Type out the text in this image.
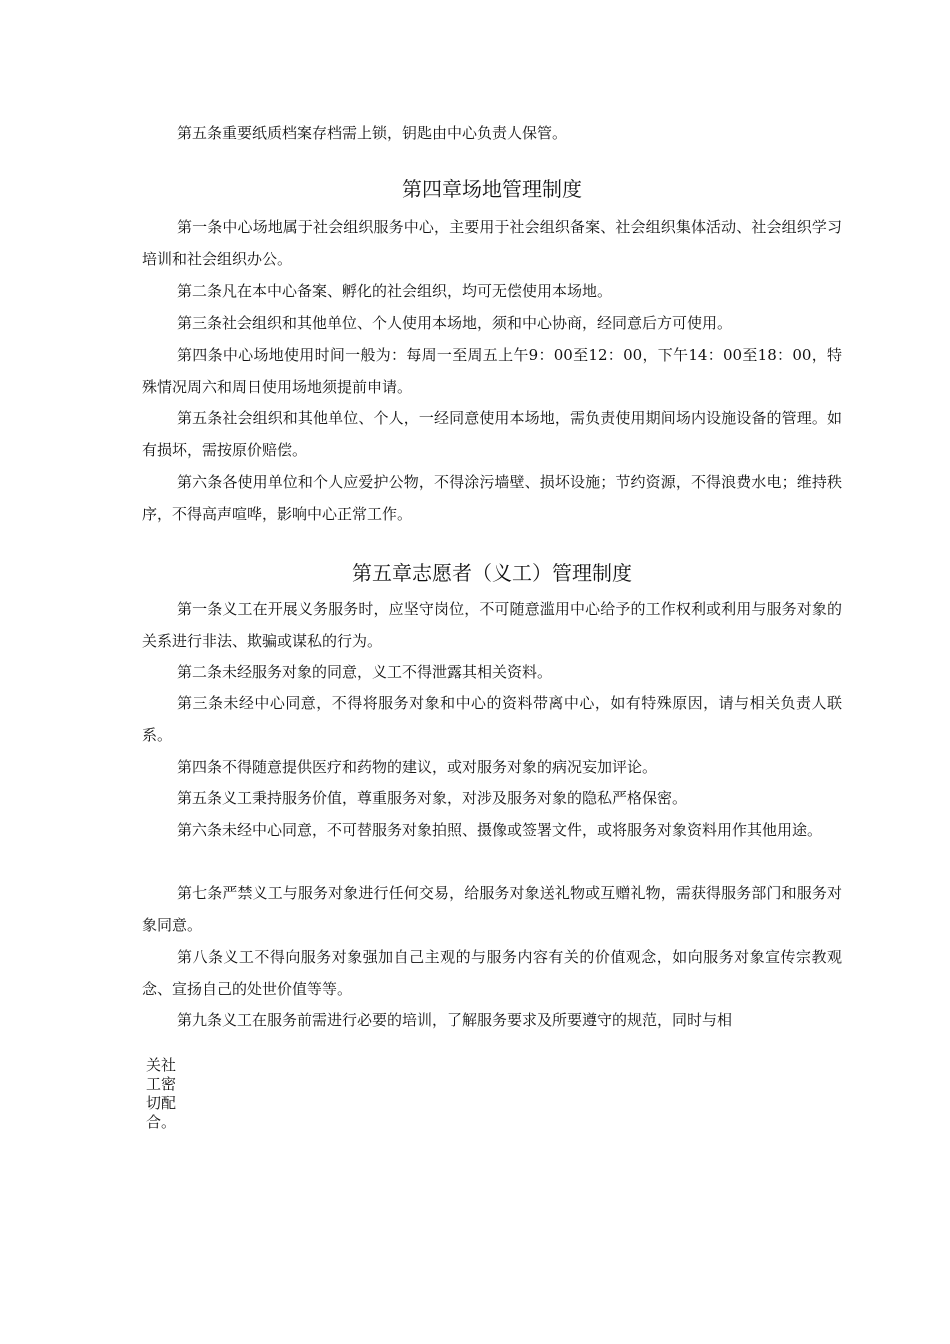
第五条重要纸质档案存档需上锁，钥匙由中心负责人保管。

第四章场地管理制度

第一条中心场地属于社会组织服务中心，主要用于社会组织备案、社会组织集体活动、社会组织学习培训和社会组织办公。

第二条凡在本中心备案、孵化的社会组织，均可无偿使用本场地。

第三条社会组织和其他单位、个人使用本场地，须和中心协商，经同意后方可使用。

第四条中心场地使用时间一般为：每周一至周五上午9：00至12：00，下午14：00至18：00，特殊情况周六和周日使用场地须提前申请。

第五条社会组织和其他单位、个人，一经同意使用本场地，需负责使用期间场内设施设备的管理。如有损坏，需按原价赔偿。

第六条各使用单位和个人应爱护公物，不得涂污墙壁、损坏设施；节约资源，不得浪费水电；维持秩序，不得高声喧哗，影响中心正常工作。

第五章志愿者（义工）管理制度

第一条义工在开展义务服务时，应坚守岗位，不可随意滥用中心给予的工作权利或利用与服务对象的关系进行非法、欺骗或谋私的行为。

第二条未经服务对象的同意，义工不得泄露其相关资料。

第三条未经中心同意，不得将服务对象和中心的资料带离中心，如有特殊原因，请与相关负责人联系。

第四条不得随意提供医疗和药物的建议，或对服务对象的病况妄加评论。

第五条义工秉持服务价值，尊重服务对象，对涉及服务对象的隐私严格保密。

第六条未经中心同意，不可替服务对象拍照、摄像或签署文件，或将服务对象资料用作其他用途。

第七条严禁义工与服务对象进行任何交易，给服务对象送礼物或互赠礼物，需获得服务部门和服务对象同意。

第八条义工不得向服务对象强加自己主观的与服务内容有关的价值观念，如向服务对象宣传宗教观念、宣扬自己的处世价值等等。

第九条义工在服务前需进行必要的培训，了解服务要求及所要遵守的规范，同时与相

关社工密切配合。
